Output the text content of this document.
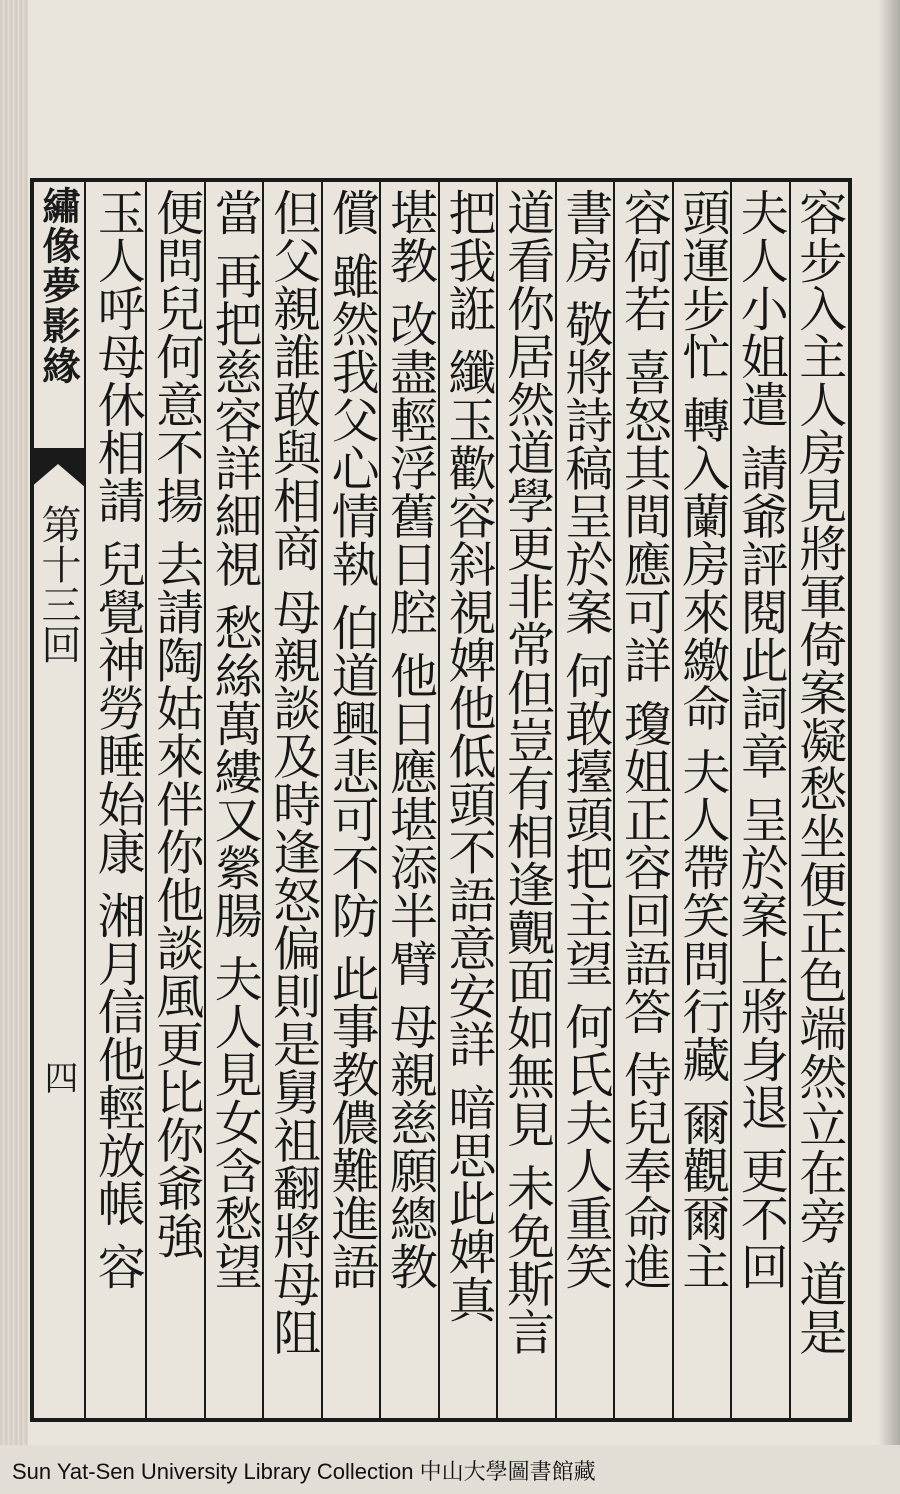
繡像夢影緣
第十三回
四	容步入主人房見將軍倚案凝愁坐便正色端然立在旁 道是
夫人小姐遣 請爺評閱此詞章 呈於案上將身退 更不回
頭運步忙 轉入蘭房來繳命 夫人帶笑問行藏 爾觀爾主
容何若 喜怒其間應可詳 瓊姐正容回語答 侍兒奉命進
書房 敬將詩稿呈於案 何敢擡頭把主望 何氏夫人重笑
道看你居然道學更非常但豈有相逢覿面如無見 未免斯言
把我誑 纖玉歡容斜視婢他低頭不語意安詳 暗思此婢真
堪教 改盡輕浮舊日腔 他日應堪添半臂 母親慈願總教
償 雖然我父心情執 伯道興悲可不防 此事教儂難進語
但父親誰敢與相商 母親談及時逢怒偏則是舅祖翻將母阻
當 再把慈容詳細視 愁絲萬縷又縈腸 夫人見女含愁望
便問兒何意不揚 去請陶姑來伴你他談風更比你爺強
玉人呼母休相請 兒覺神勞睡始康 湘月信他輕放帳 容
Sun Yat-Sen University Library Collection 中山大學圖書館藏
